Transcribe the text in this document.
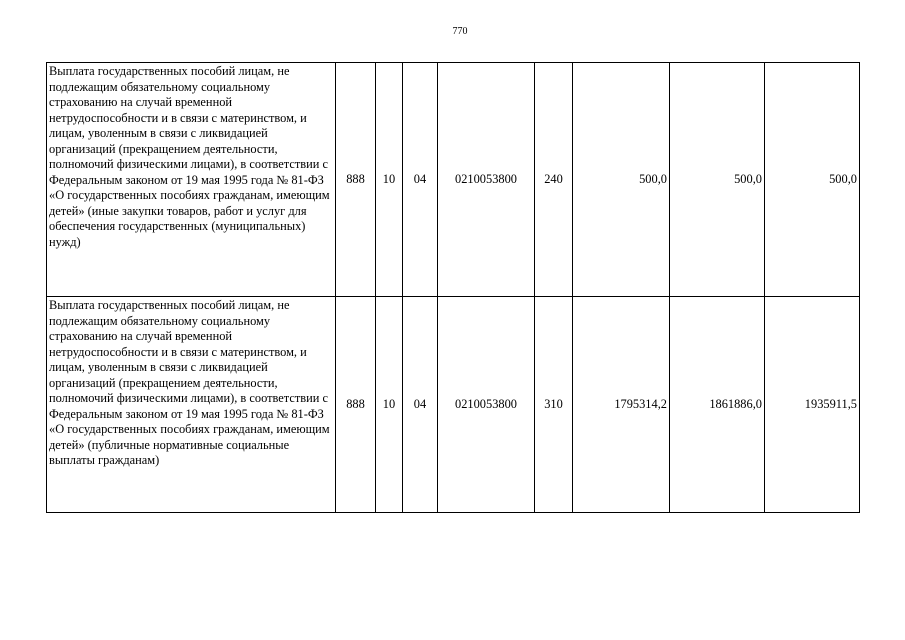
770
Выплата государственных пособий лицам, не подлежащим обязательному социальному страхованию на случай временной нетрудоспособности и в связи с материнством, и лицам, уволенным в связи с ликвидацией организаций (прекращением деятельности, полномочий физическими лицами), в соответствии с Федеральным законом от 19 мая 1995 года № 81-ФЗ «О государственных пособиях гражданам, имеющим детей» (иные закупки товаров, работ и услуг для обеспечения государственных (муниципальных) нужд)	888	10	04	0210053800	240	500,0	500,0	500,0
Выплата государственных пособий лицам, не подлежащим обязательному социальному страхованию на случай временной нетрудоспособности и в связи с материнством, и лицам, уволенным в связи с ликвидацией организаций (прекращением деятельности, полномочий физическими лицами), в соответствии с Федеральным законом от 19 мая 1995 года № 81-ФЗ «О государственных пособиях гражданам, имеющим детей» (публичные нормативные социальные выплаты гражданам)	888	10	04	0210053800	310	1795314,2	1861886,0	1935911,5
